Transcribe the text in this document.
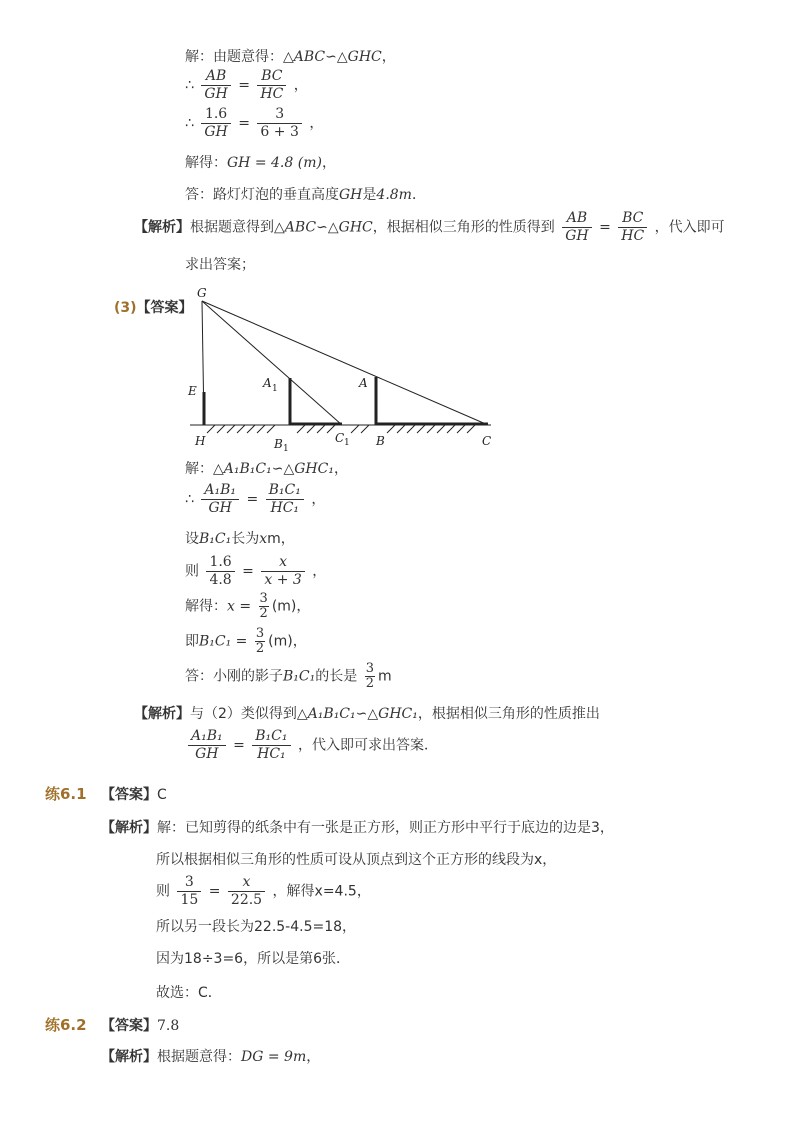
解：由题意得：△ABC∽△GHC，
∴ $\frac{AB}{GH} = \frac{BC}{HC}$ ，
∴ $\frac{1.6}{GH} = \frac{3}{6 + 3}$ ，
解得：GH = 4.8 (m)，
答：路灯灯泡的垂直高度GH是4.8m．
【解析】根据题意得到△ABC∽△GHC，根据相似三角形的性质得到 $\frac{AB}{GH} = \frac{BC}{HC}$ ，代入即可
求出答案；
(3)【答案】
G
E
H
A 1	A
B 1
C 1 B	C
解：△A₁B₁C₁∽△GHC₁，
∴ $\frac{\text{A₁B₁}}{GH} = \frac{\text{B₁C₁}}{\text{HC₁}}$ ，
设B₁C₁长为xm，
则 $\frac{1.6}{4.8} = \frac{x}{x + 3}$ ，
解得：$x = \frac{3}{2} (m)$，
即$B_1C_1 = \frac{3}{2} (m)$，
答：小刚的影子B₁C₁的长是 $\frac{3}{2}$ m
【解析】与（2）类似得到△A₁B₁C₁∽△GHC₁，根据相似三角形的性质推出
$\frac{\text{A₁B₁}}{GH} = \frac{\text{B₁C₁}}{\text{HC₁}}$ ，代入即可求出答案．
练6.1 【答案】C
【解析】解：已知剪得的纸条中有一张是正方形，则正方形中平行于底边的边是3，
所以根据相似三角形的性质可设从顶点到这个正方形的线段为x，
则 $\frac{3}{15} = \frac{x}{22.5}$ ，解得x=4.5，
所以另一段长为22.5-4.5=18，
因为18÷3=6，所以是第6张．
故选：C．
练6.2 【答案】7.8
【解析】根据题意得：DG = 9m，
